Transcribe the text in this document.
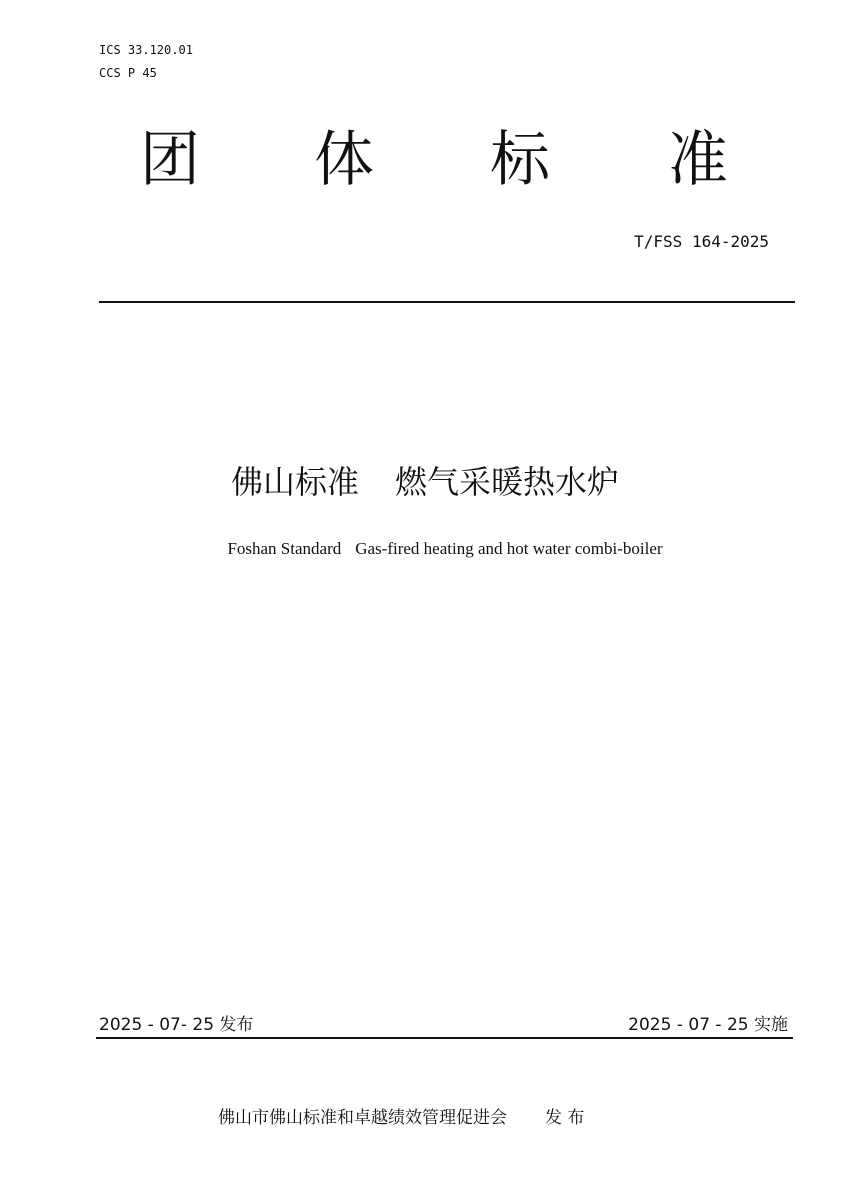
ICS 33.120.01
CCS P 45
团 体 标 准
T/FSS 164-2025
佛山标准 燃气采暖热水炉
Foshan Standard Gas-fired heating and hot water combi-boiler
2025 - 07- 25 发布	2025 - 07 - 25 实施
佛山市佛山标准和卓越绩效管理促进会 发 布
